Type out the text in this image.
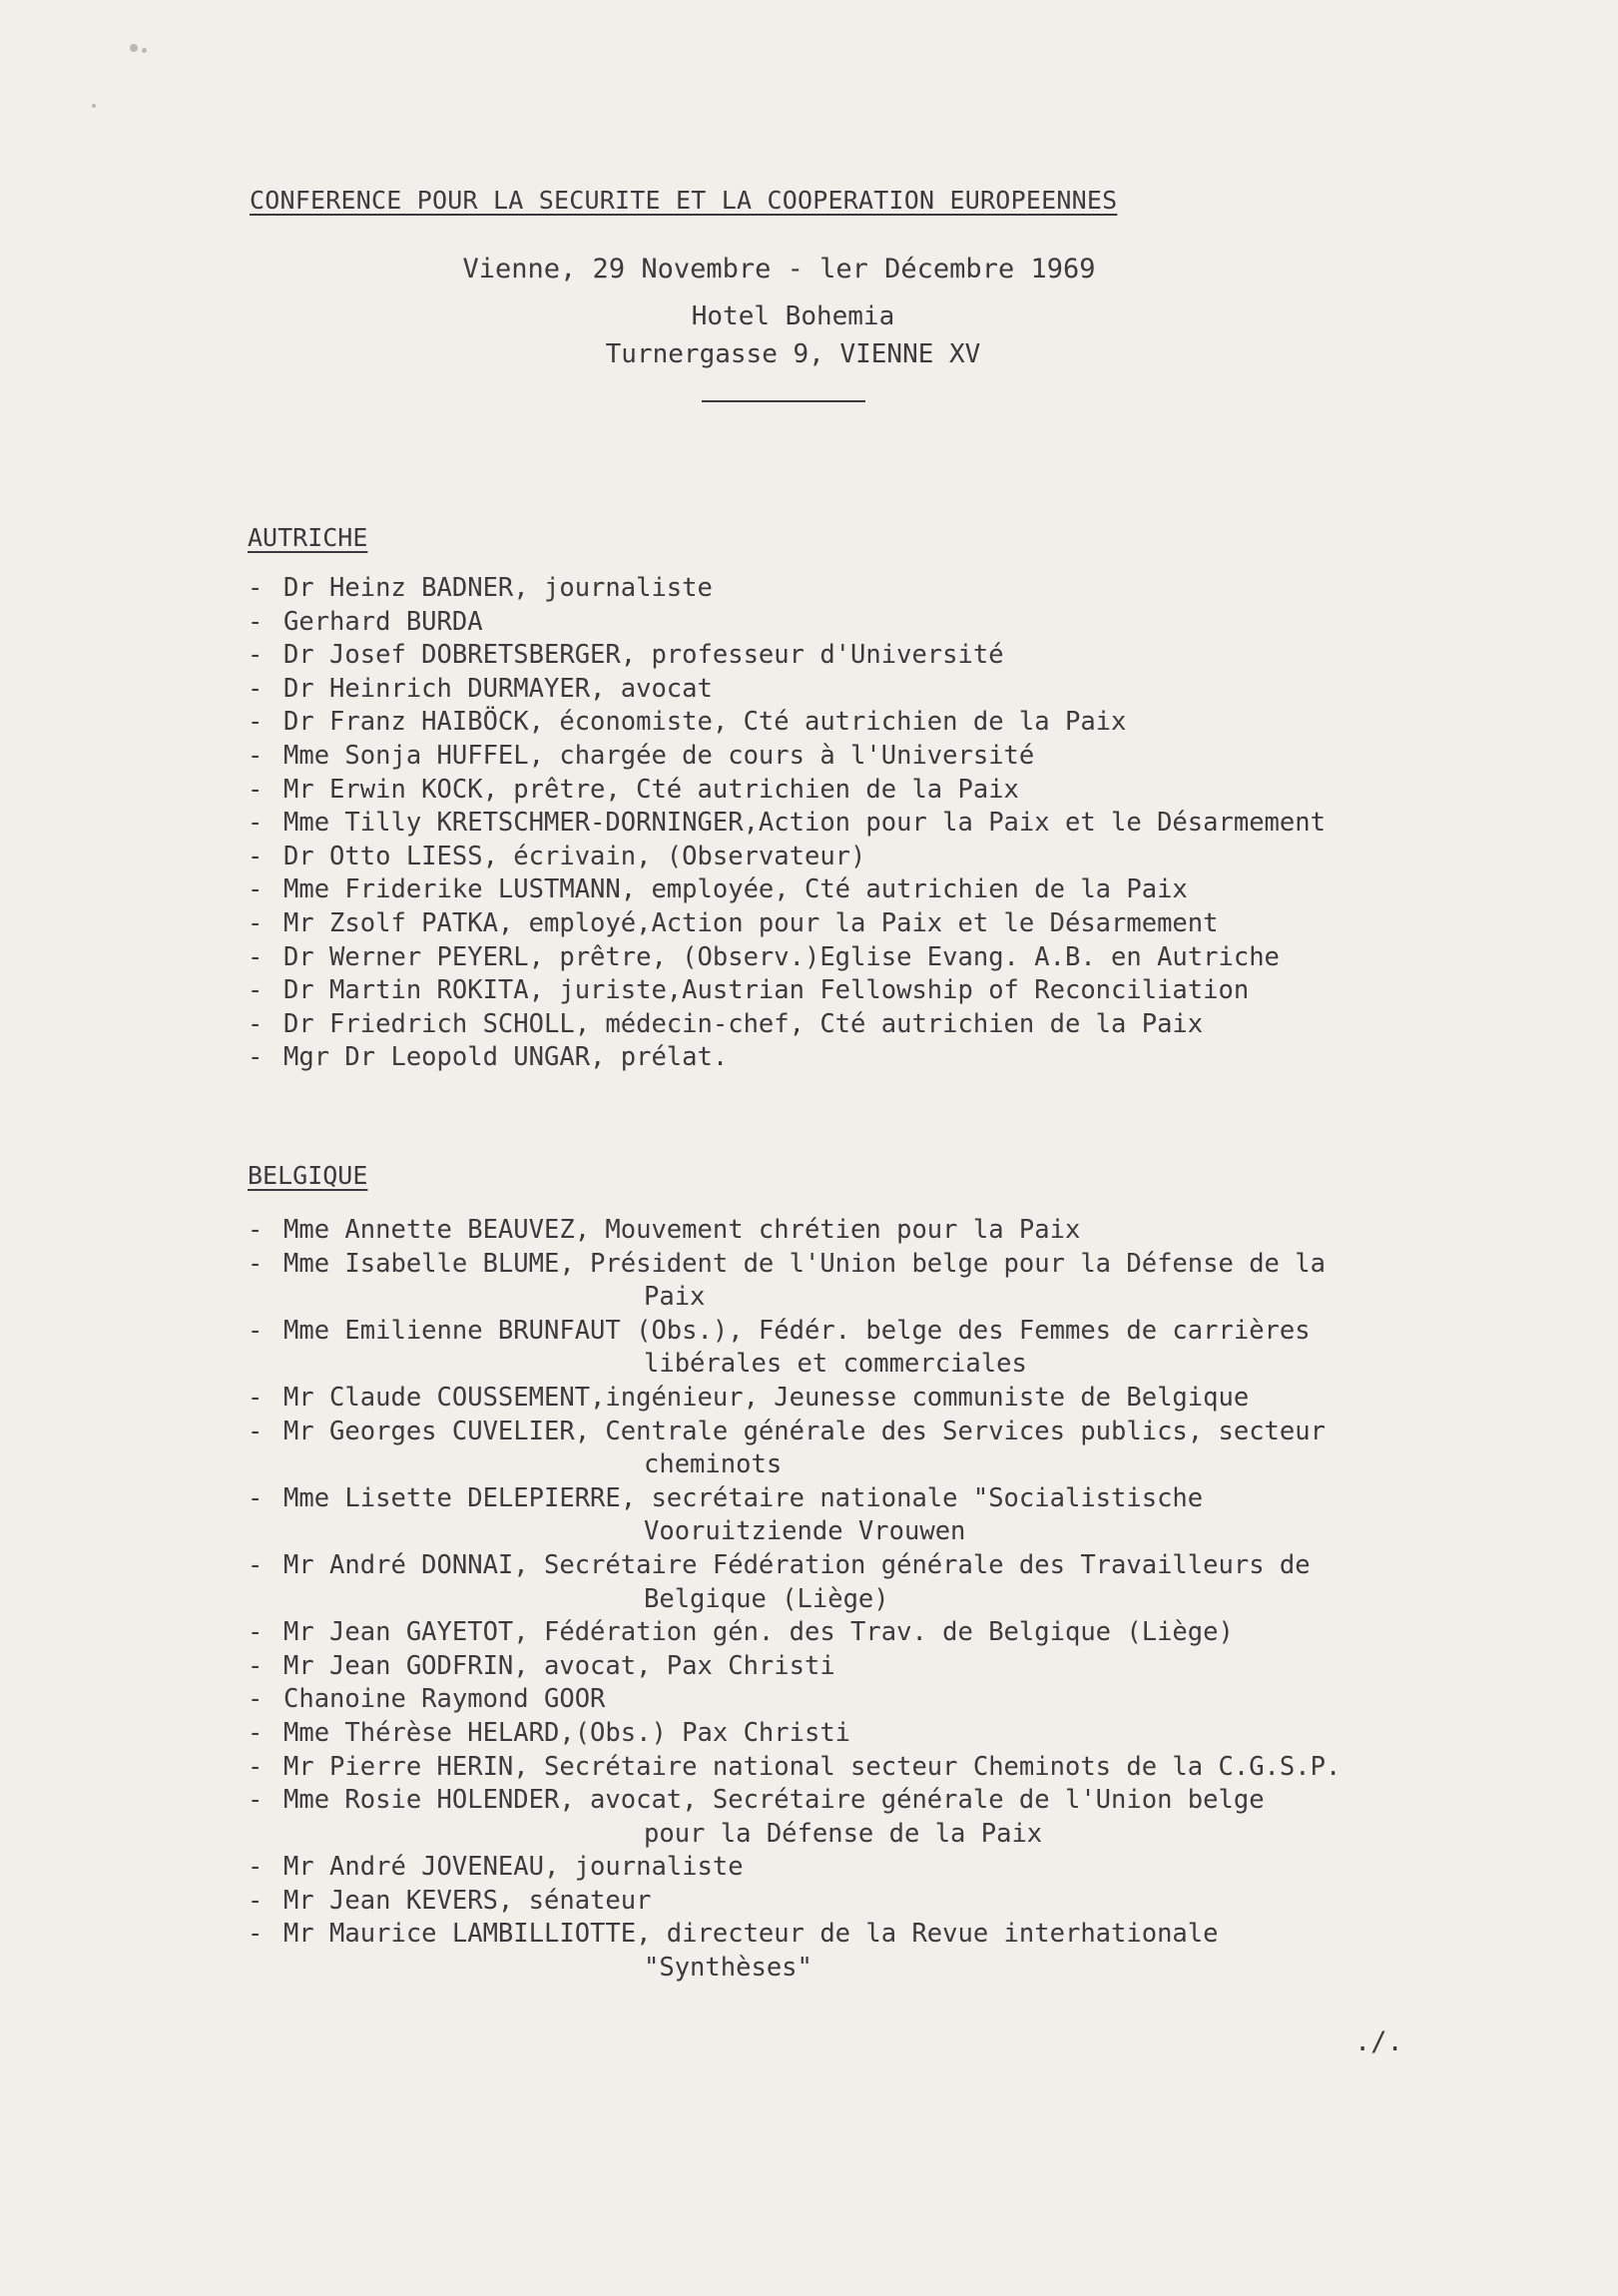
CONFERENCE POUR LA SECURITE ET LA COOPERATION EUROPEENNES
Vienne, 29 Novembre - ler Décembre 1969
Hotel Bohemia
Turnergasse 9, VIENNE XV
AUTRICHE
- Dr Heinz BADNER, journaliste
- Gerhard BURDA
- Dr Josef DOBRETSBERGER, professeur d'Université
- Dr Heinrich DURMAYER, avocat
- Dr Franz HAIBÖCK, économiste, Cté autrichien de la Paix
- Mme Sonja HUFFEL, chargée de cours à l'Université
- Mr Erwin KOCK, prêtre, Cté autrichien de la Paix
- Mme Tilly KRETSCHMER-DORNINGER,Action pour la Paix et le Désarmement
- Dr Otto LIESS, écrivain, (Observateur)
- Mme Friderike LUSTMANN, employée, Cté autrichien de la Paix
- Mr Zsolf PATKA, employé,Action pour la Paix et le Désarmement
- Dr Werner PEYERL, prêtre, (Observ.)Eglise Evang. A.B. en Autriche
- Dr Martin ROKITA, juriste,Austrian Fellowship of Reconciliation
- Dr Friedrich SCHOLL, médecin-chef, Cté autrichien de la Paix
- Mgr Dr Leopold UNGAR, prélat.
BELGIQUE
- Mme Annette BEAUVEZ, Mouvement chrétien pour la Paix
- Mme Isabelle BLUME, Président de l'Union belge pour la Défense de la
Paix
- Mme Emilienne BRUNFAUT (Obs.), Fédér. belge des Femmes de carrières
libérales et commerciales
- Mr Claude COUSSEMENT,ingénieur, Jeunesse communiste de Belgique
- Mr Georges CUVELIER, Centrale générale des Services publics, secteur
cheminots
- Mme Lisette DELEPIERRE, secrétaire nationale "Socialistische
Vooruitziende Vrouwen
- Mr André DONNAI, Secrétaire Fédération générale des Travailleurs de
Belgique (Liège)
- Mr Jean GAYETOT, Fédération gén. des Trav. de Belgique (Liège)
- Mr Jean GODFRIN, avocat, Pax Christi
- Chanoine Raymond GOOR
- Mme Thérèse HELARD,(Obs.) Pax Christi
- Mr Pierre HERIN, Secrétaire national secteur Cheminots de la C.G.S.P.
- Mme Rosie HOLENDER, avocat, Secrétaire générale de l'Union belge
pour la Défense de la Paix
- Mr André JOVENEAU, journaliste
- Mr Jean KEVERS, sénateur
- Mr Maurice LAMBILLIOTTE, directeur de la Revue interhationale
"Synthèses"
./.
